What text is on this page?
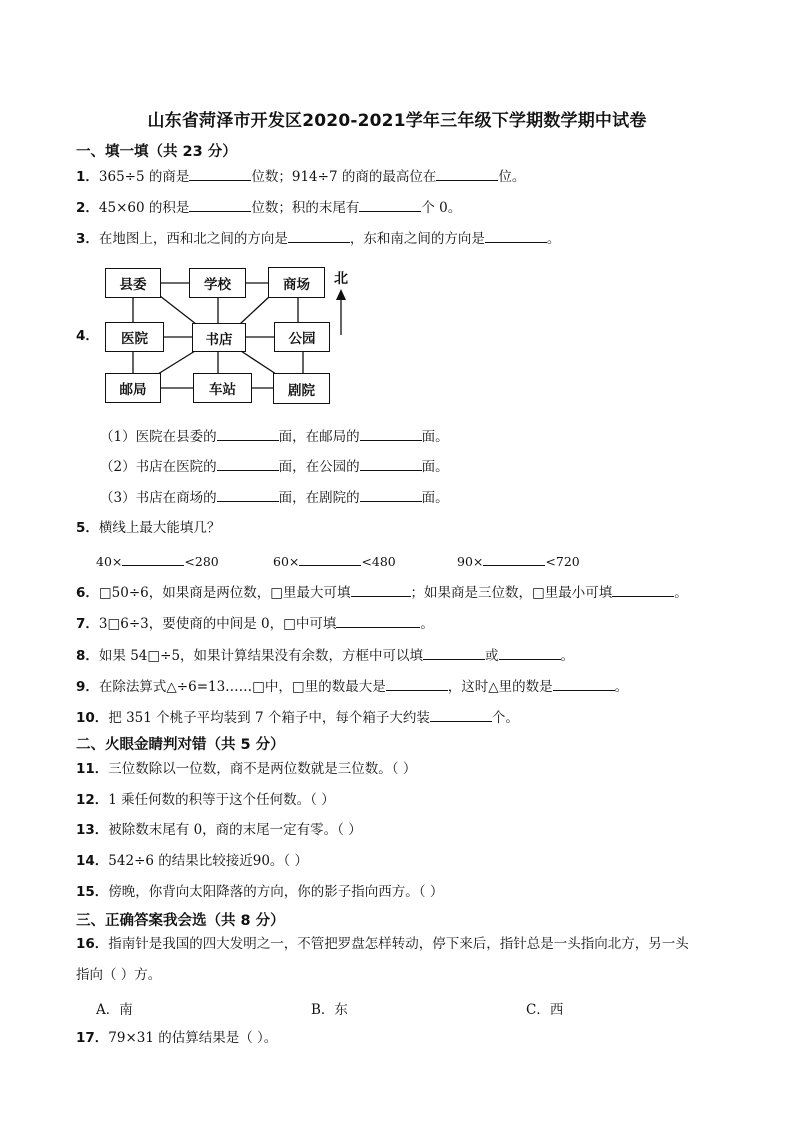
山东省菏泽市开发区2020-2021学年三年级下学期数学期中试卷
一、填一填（共 23 分）
1．365÷5 的商是	位数；914÷7 的商的最高位在	位。
2．45×60 的积是	位数；积的末尾有	个 0。
3．在地图上，西和北之间的方向是	，东和南之间的方向是	。
4．
县委	学校	商场
医院	书店	公园
邮局	车站	剧院
北
（1）医院在县委的	面，在邮局的	面。
（2）书店在医院的	面，在公园的	面。
（3）书店在商场的	面，在剧院的	面。
5．横线上最大能填几？
40×	<280	60×	<480	90×	<720
6．□50÷6，如果商是两位数，□里最大可填	；如果商是三位数，□里最小可填	。
7．3□6÷3，要使商的中间是 0，□中可填	。
8．如果 54□÷5，如果计算结果没有余数，方框中可以填	或	。
9．在除法算式△÷6=13……□中，□里的数最大是	，这时△里的数是	。
10．把 351 个桃子平均装到 7 个箱子中，每个箱子大约装	个。
二、火眼金睛判对错（共 5 分）
11．三位数除以一位数，商不是两位数就是三位数。（ ）
12．1 乘任何数的积等于这个任何数。（ ）
13．被除数末尾有 0，商的末尾一定有零。（ ）
14．542÷6 的结果比较接近90。（ ）
15．傍晚，你背向太阳降落的方向，你的影子指向西方。（ ）
三、正确答案我会选（共 8 分）
16．指南针是我国的四大发明之一，不管把罗盘怎样转动，停下来后，指针总是一头指向北方，另一头
指向（ ）方。
A．南	B．东	C．西
17．79×31 的估算结果是（ ）。
